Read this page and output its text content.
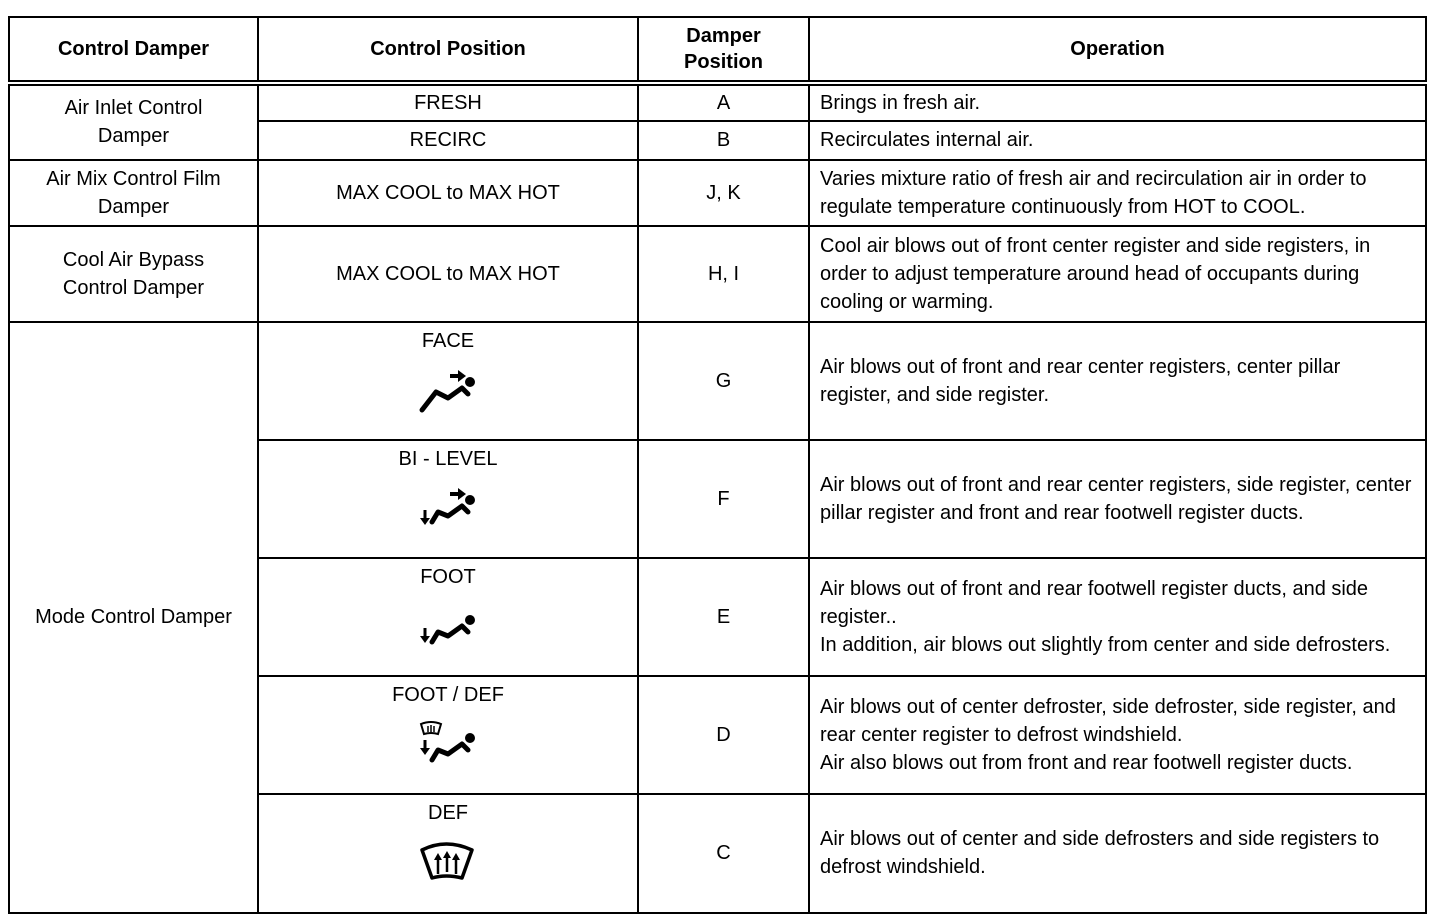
Control Damper	Control Position	Damper Position	Operation
Air Inlet Control Damper	FRESH	A	Brings in fresh air.
	RECIRC	B	Recirculates internal air.
Air Mix Control Film Damper	MAX COOL to MAX HOT	J, K	Varies mixture ratio of fresh air and recirculation air in order to regulate temperature continuously from HOT to COOL.
Cool Air Bypass Control Damper	MAX COOL to MAX HOT	H, I	Cool air blows out of front center register and side registers, in order to adjust temperature around head of occupants during cooling or warming.
Mode Control Damper	FACE	G	Air blows out of front and rear center registers, center pillar register, and side register.

	BI - LEVEL	F	Air blows out of front and rear center registers, side register, center pillar register and front and rear footwell register ducts.

	FOOT	E	Air blows out of front and rear footwell register ducts, and side register..
In addition, air blows out slightly from center and side defrosters.

	FOOT / DEF	D	Air blows out of center defroster, side defroster, side register, and rear center register to defrost windshield.
Air also blows out from front and rear footwell register ducts.

	DEF	C	Air blows out of center and side defrosters and side registers to defrost windshield.
